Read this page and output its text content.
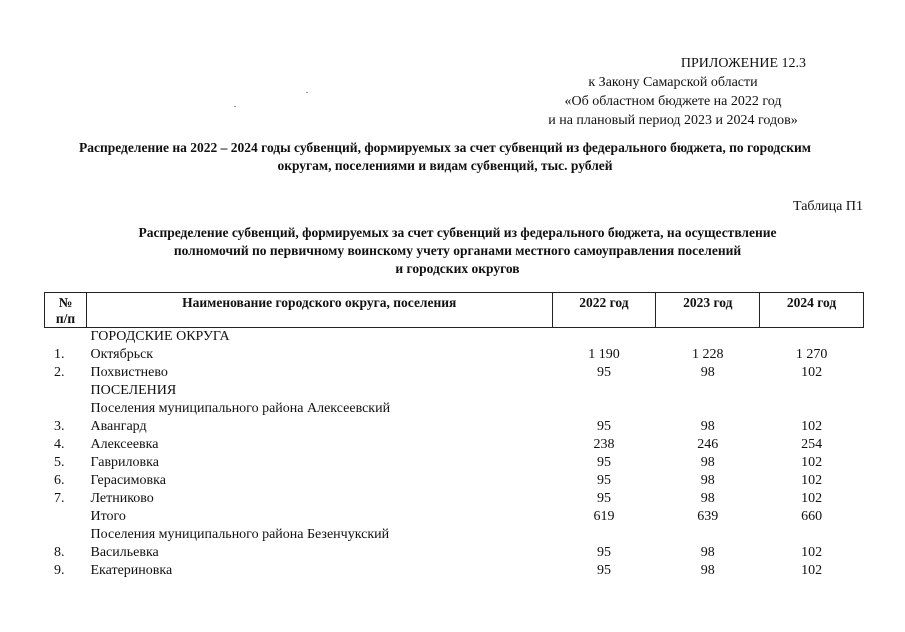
ПРИЛОЖЕНИЕ 12.3
к Закону Самарской области
«Об областном бюджете на 2022 год
и на плановый период 2023 и 2024 годов»
Распределение на 2022 – 2024 годы субвенций, формируемых за счет субвенций из федерального бюджета, по городским
округам, поселениями и видам субвенций, тыс. рублей
Таблица П1
Распределение субвенций, формируемых за счет субвенций из федерального бюджета, на осуществление
полномочий по первичному воинскому учету органами местного самоуправления поселений
и городских округов
№
п/п	Наименование городского округа, поселения	2022 год	2023 год	2024 год
	ГОРОДСКИЕ ОКРУГА			
1.	Октябрьск	1 190	1 228	1 270
2.	Похвистнево	95	98	102
	ПОСЕЛЕНИЯ			
	Поселения муниципального района Алексеевский			
3.	Авангард	95	98	102
4.	Алексеевка	238	246	254
5.	Гавриловка	95	98	102
6.	Герасимовка	95	98	102
7.	Летниково	95	98	102
	Итого	619	639	660
	Поселения муниципального района Безенчукский			
8.	Васильевка	95	98	102
9.	Екатериновка	95	98	102
